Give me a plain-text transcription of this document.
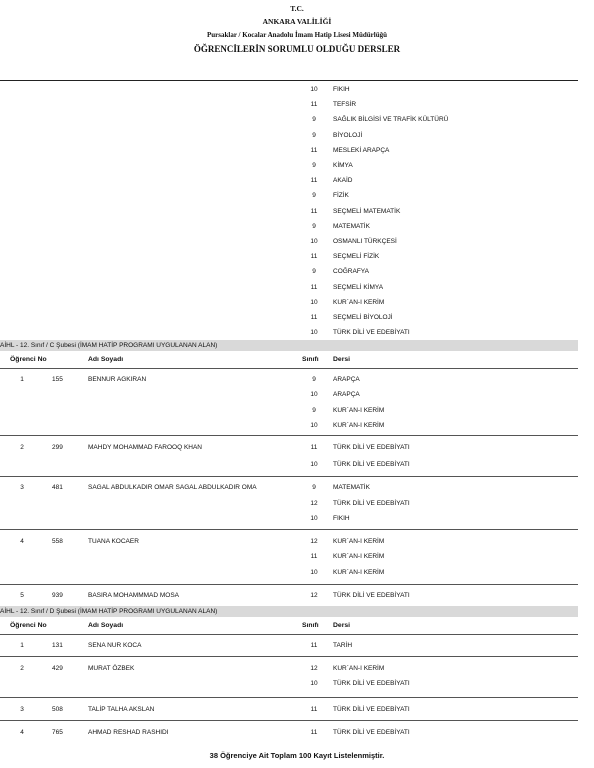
T.C.
ANKARA VALİLİĞİ
Pursaklar / Kocalar Anadolu İmam Hatip Lisesi Müdürlüğü
ÖĞRENCİLERİN SORUMLU OLDUĞU DERSLER
10	FIKIH
11	TEFSİR
9	SAĞLIK BİLGİSİ VE TRAFİK KÜLTÜRÜ
9	BİYOLOJİ
11	MESLEKİ ARAPÇA
9	KİMYA
11	AKAİD
9	FİZİK
11	SEÇMELİ MATEMATİK
9	MATEMATİK
10	OSMANLI TÜRKÇESİ
11	SEÇMELİ FİZİK
9	COĞRAFYA
11	SEÇMELİ KİMYA
10	KUR`AN-I KERİM
11	SEÇMELİ BİYOLOJİ
10	TÜRK DİLİ VE EDEBİYATI
AİHL - 12. Sınıf / C Şubesi (İMAM HATİP PROGRAMI UYGULANAN ALAN)
Öğrenci No	Adı Soyadı	Sınıfı Dersi
1	155	BENNUR AGKIRAN	9	ARAPÇA
10	ARAPÇA
9	KUR`AN-I KERİM
10	KUR`AN-I KERİM
2	299	MAHDY MOHAMMAD FAROOQ KHAN	11	TÜRK DİLİ VE EDEBİYATI
10	TÜRK DİLİ VE EDEBİYATI
3	481	SAGAL ABDULKADIR OMAR SAGAL ABDULKADIR OMA	9	MATEMATİK
12	TÜRK DİLİ VE EDEBİYATI
10	FIKIH
4	558	TUANA KOCAER	12	KUR`AN-I KERİM
11	KUR`AN-I KERİM
10	KUR`AN-I KERİM
5	939	BASIRA MOHAMMMAD MOSA	12	TÜRK DİLİ VE EDEBİYATI
AİHL - 12. Sınıf / D Şubesi (İMAM HATİP PROGRAMI UYGULANAN ALAN)
Öğrenci No	Adı Soyadı	Sınıfı Dersi
1	131	SENA NUR KOCA	11	TARİH
2	429	MURAT ÖZBEK	12	KUR`AN-I KERİM
10	TÜRK DİLİ VE EDEBİYATI
3	508	TALİP TALHA AKSLAN	11	TÜRK DİLİ VE EDEBİYATI
4	765	AHMAD RESHAD RASHIDI	11	TÜRK DİLİ VE EDEBİYATI
38 Öğrenciye Ait Toplam 100 Kayıt Listelenmiştir.
